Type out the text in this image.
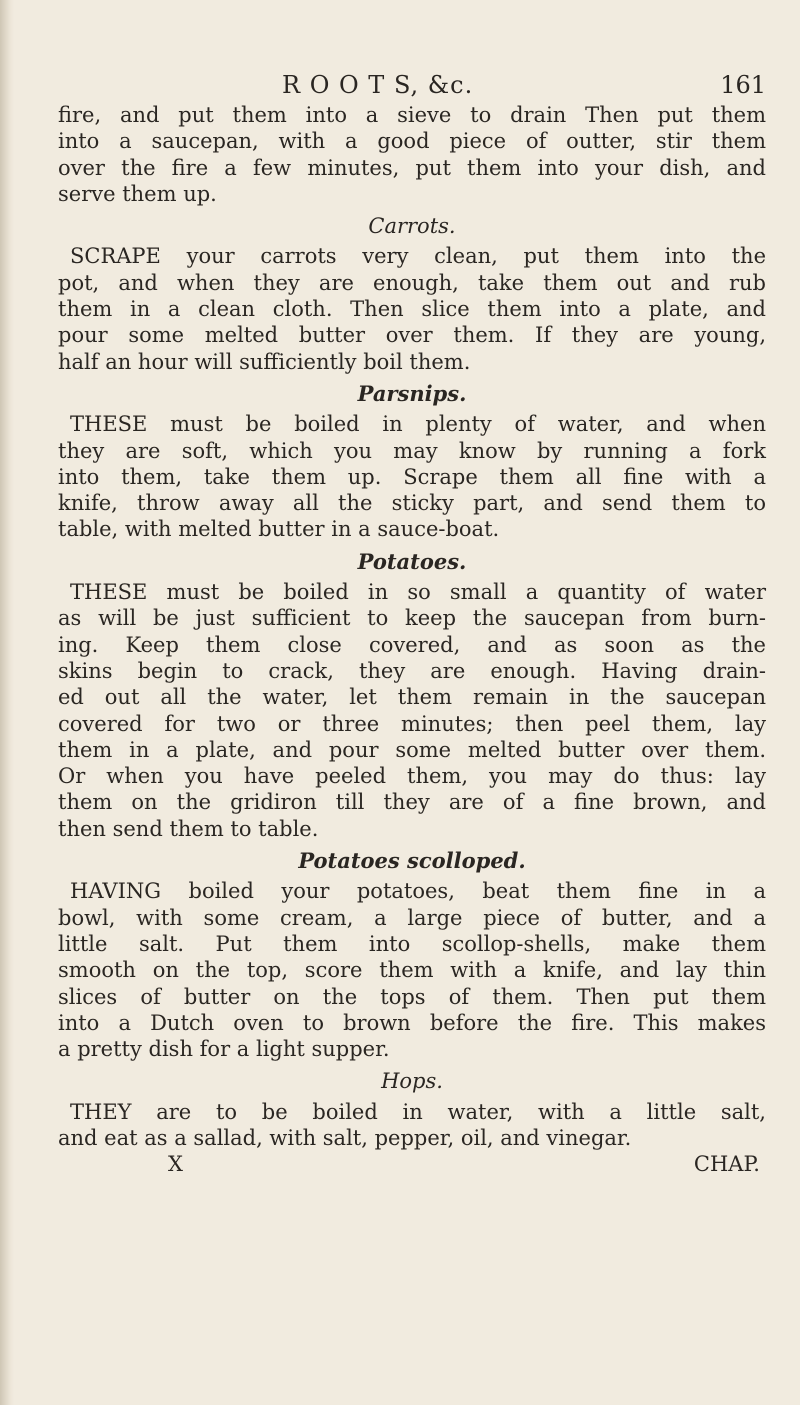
R O O T S, &c.	161

fire, and put them into a sieve to drain Then put them

into a saucepan, with a good piece of outter, stir them

over the fire a few minutes, put them into your dish, and

serve them up.

Carrots.

SCRAPE your carrots very clean, put them into the

pot, and when they are enough, take them out and rub

them in a clean cloth. Then slice them into a plate, and

pour some melted butter over them. If they are young,

half an hour will sufficiently boil them.

Parsnips.

THESE must be boiled in plenty of water, and when

they are soft, which you may know by running a fork

into them, take them up. Scrape them all fine with a

knife, throw away all the sticky part, and send them to

table, with melted butter in a sauce-boat.

Potatoes.

THESE must be boiled in so small a quantity of water

as will be just sufficient to keep the saucepan from burn-

ing. Keep them close covered, and as soon as the

skins begin to crack, they are enough. Having drain-

ed out all the water, let them remain in the saucepan

covered for two or three minutes; then peel them, lay

them in a plate, and pour some melted butter over them.

Or when you have peeled them, you may do thus: lay

them on the gridiron till they are of a fine brown, and

then send them to table.

Potatoes scolloped.

HAVING boiled your potatoes, beat them fine in a

bowl, with some cream, a large piece of butter, and a

little salt. Put them into scollop-shells, make them

smooth on the top, score them with a knife, and lay thin

slices of butter on the tops of them. Then put them

into a Dutch oven to brown before the fire. This makes

a pretty dish for a light supper.

Hops.

THEY are to be boiled in water, with a little salt,

and eat as a sallad, with salt, pepper, oil, and vinegar.

X	CHAP.
